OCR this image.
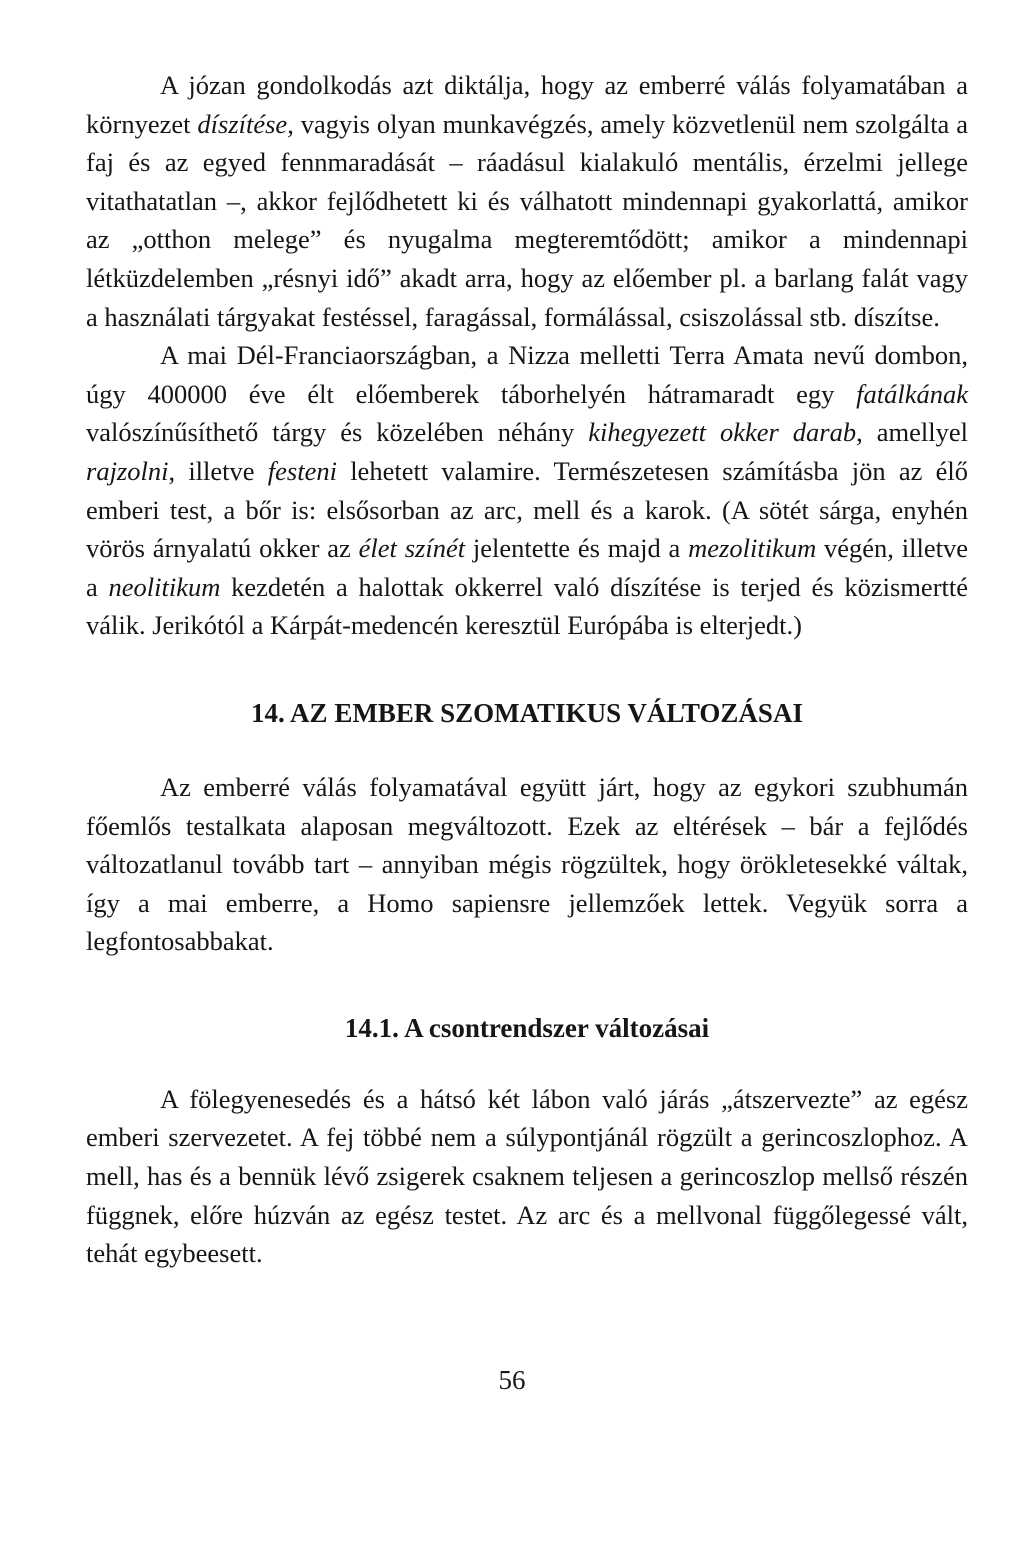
A józan gondolkodás azt diktálja, hogy az emberré válás folyamatában a környezet díszítése, vagyis olyan munkavégzés, amely közvetlenül nem szolgálta a faj és az egyed fennmaradását – ráadásul kialakuló mentális, érzelmi jellege vitathatatlan –, akkor fejlődhetett ki és válhatott mindennapi gyakorlattá, amikor az „otthon melege” és nyugalma megteremtődött; amikor a mindennapi létküzdelemben „résnyi idő” akadt arra, hogy az előember pl. a barlang falát vagy a használati tárgyakat festéssel, faragással, formálással, csiszolással stb. díszítse.

A mai Dél-Franciaországban, a Nizza melletti Terra Amata nevű dombon, úgy 400000 éve élt előemberek táborhelyén hátramaradt egy fatálkának valószínűsíthető tárgy és közelében néhány kihegyezett okker darab, amellyel rajzolni, illetve festeni lehetett valamire. Természetesen számításba jön az élő emberi test, a bőr is: elsősorban az arc, mell és a karok. (A sötét sárga, enyhén vörös árnyalatú okker az élet színét jelentette és majd a mezolitikum végén, illetve a neolitikum kezdetén a halottak okkerrel való díszítése is terjed és közismertté válik. Jerikótól a Kárpát-medencén keresztül Európába is elterjedt.)

14. AZ EMBER SZOMATIKUS VÁLTOZÁSAI

Az emberré válás folyamatával együtt járt, hogy az egykori szubhumán főemlős testalkata alaposan megváltozott. Ezek az eltérések – bár a fejlődés változatlanul tovább tart – annyiban mégis rögzültek, hogy örökletesekké váltak, így a mai emberre, a Homo sapiensre jellemzőek lettek. Vegyük sorra a legfontosabbakat.

14.1. A csontrendszer változásai

A fölegyenesedés és a hátsó két lábon való járás „átszervezte” az egész emberi szervezetet. A fej többé nem a súlypontjánál rögzült a gerincoszlophoz. A mell, has és a bennük lévő zsigerek csaknem teljesen a gerincoszlop mellső részén függnek, előre húzván az egész testet. Az arc és a mellvonal függőlegessé vált, tehát egybeesett.

56
